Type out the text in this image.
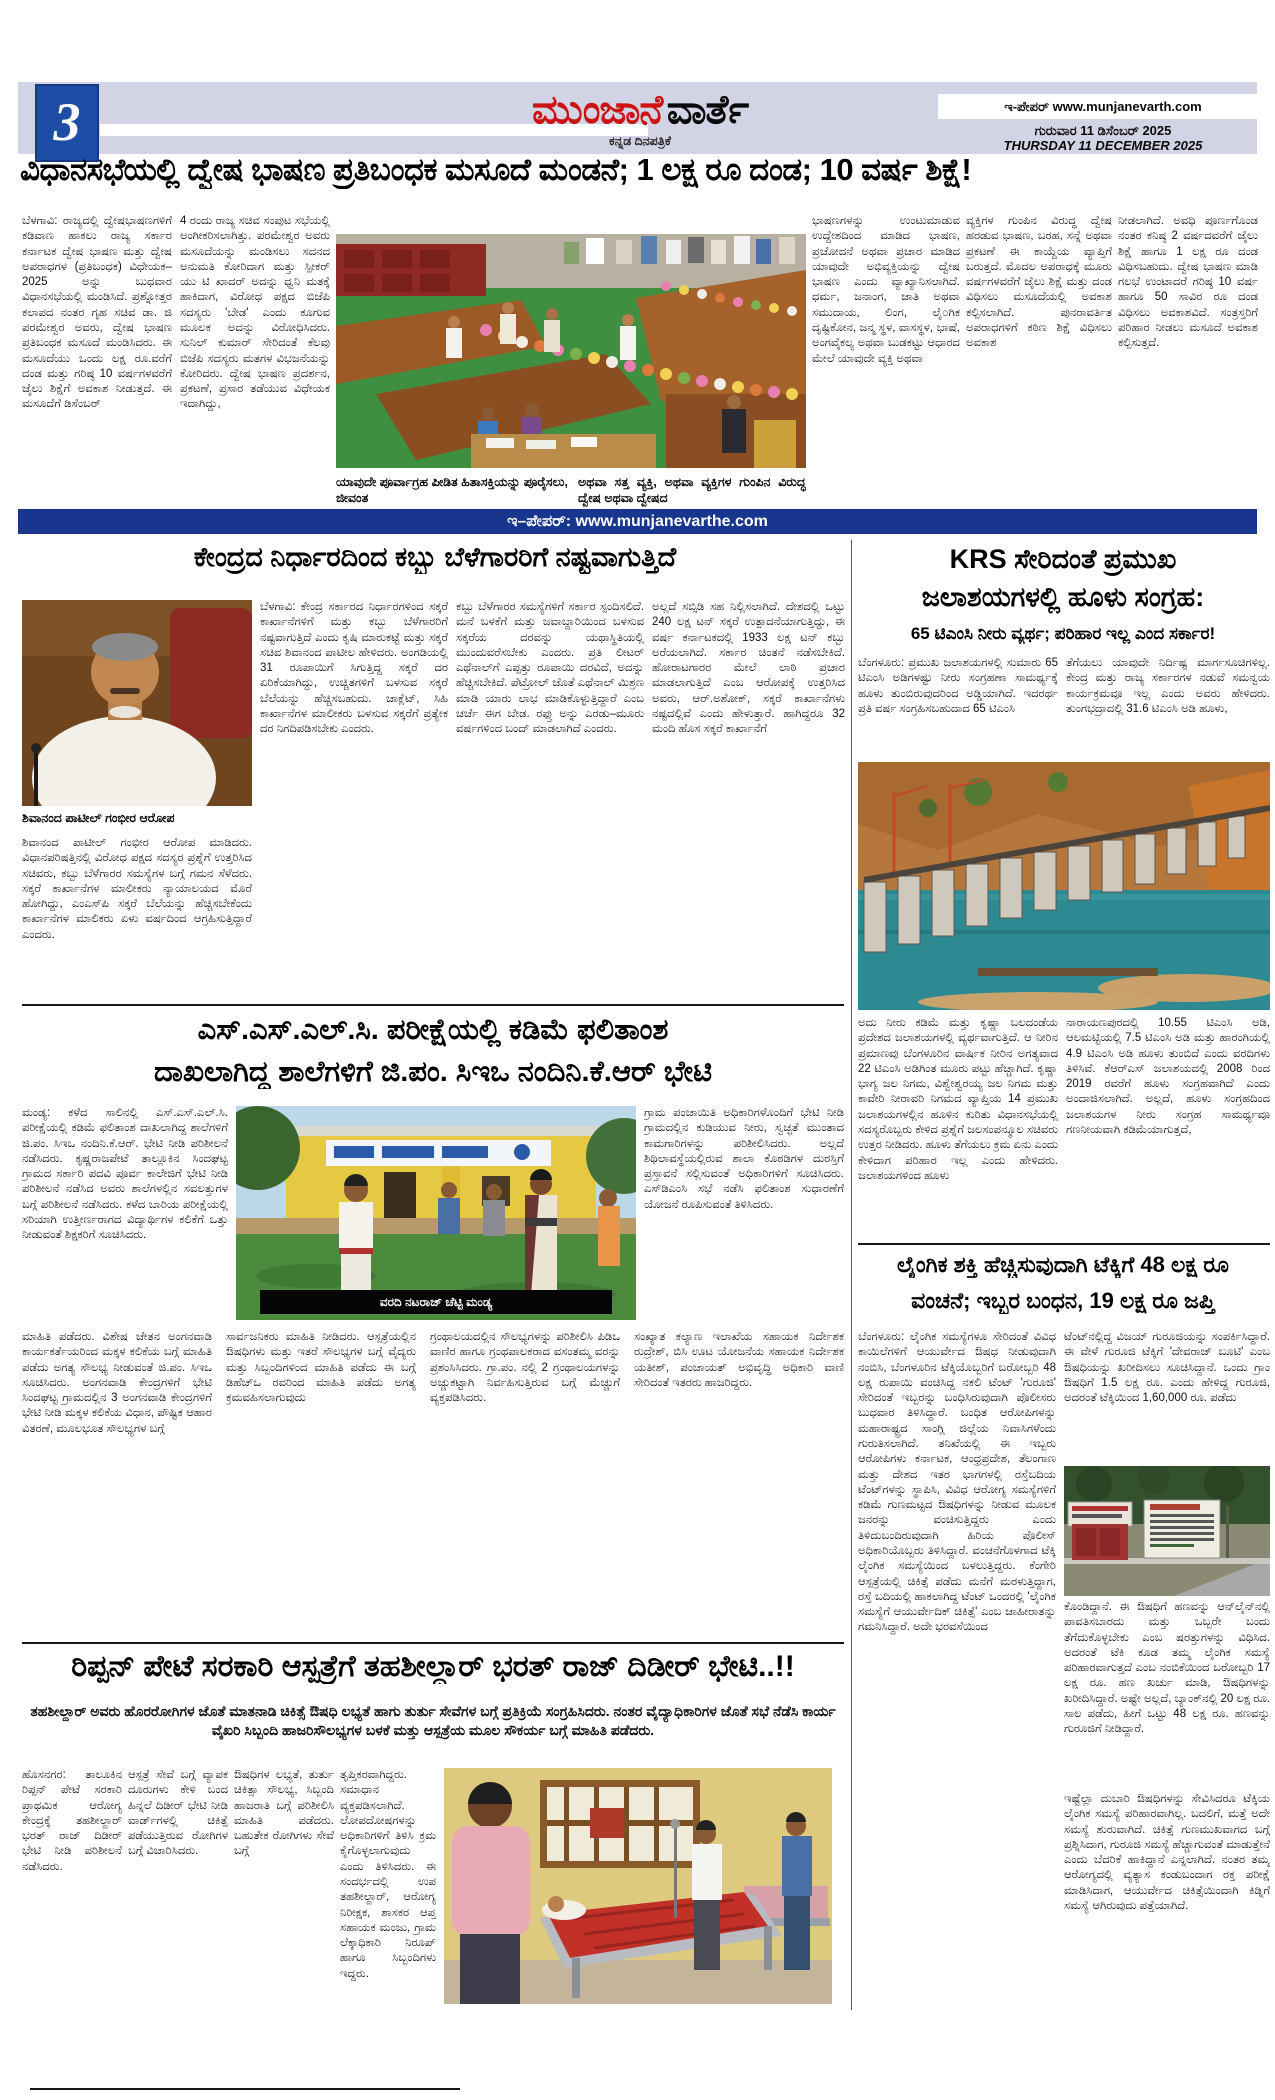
3	ಮುಂಜಾನೆ ವಾರ್ತೆ
ಕನ್ನಡ ದಿನಪತ್ರಿಕೆ
ಇ-ಪೇಪರ್ www.munjanevarth.com
ಗುರುವಾರ 11 ಡಿಸೆಂಬರ್ 2025
THURSDAY 11 DECEMBER 2025
ವಿಧಾನಸಭೆಯಲ್ಲಿ ದ್ವೇಷ ಭಾಷಣ ಪ್ರತಿಬಂಧಕ ಮಸೂದೆ ಮಂಡನೆ; 1 ಲಕ್ಷ ರೂ ದಂಡ; 10 ವರ್ಷ ಶಿಕ್ಷೆ!
ಬೆಳಗಾವಿ: ರಾಜ್ಯದಲ್ಲಿ ದ್ವೇಷಭಾಷಣಗಳಿಗೆ ಕಡಿವಾಣ ಹಾಕಲು ರಾಜ್ಯ ಸರ್ಕಾರ ಕರ್ನಾಟಕ ದ್ವೇಷ ಭಾಷಣ ಮತ್ತು ದ್ವೇಷ ಅಪರಾಧಗಳ (ಪ್ರತಿಬಂಧಕ) ವಿಧೇಯಕ–2025 ಅನ್ನು ಬುಧವಾರ ವಿಧಾನಸಭೆಯಲ್ಲಿ ಮಂಡಿಸಿದೆ. ಪ್ರಶ್ನೋತ್ತರ ಕಲಾಪದ ನಂತರ ಗೃಹ ಸಚಿವ ಡಾ. ಜಿ ಪರಮೇಶ್ವರ ಅವರು, ದ್ವೇಷ ಭಾಷಣ ಪ್ರತಿಬಂಧಕ ಮಸೂದೆ ಮಂಡಿಸಿದರು. ಈ ಮಸೂದೆಯು ಒಂದು ಲಕ್ಷ ರೂ.ವರೆಗೆ ದಂಡ ಮತ್ತು ಗರಿಷ್ಠ 10 ವರ್ಷಗಳವರೆಗೆ ಜೈಲು ಶಿಕ್ಷೆಗೆ ಅವಕಾಶ ನೀಡುತ್ತದೆ. ಈ ಮಸೂದೆಗೆ ಡಿಸೆಂಬರ್
4 ರಂದು ರಾಜ್ಯ ಸಚಿವ ಸಂಪುಟ ಸಭೆಯಲ್ಲಿ ಅಂಗೀಕರಿಸಲಾಗಿತ್ತು. ಪರಮೇಶ್ವರ ಅವರು ಮಸೂದೆಯನ್ನು ಮಂಡಿಸಲು ಸದನದ ಅನುಮತಿ ಕೋರಿದಾಗ ಮತ್ತು ಸ್ಪೀಕರ್ ಯು ಟಿ ಖಾದರ್ ಅದನ್ನು ಧ್ವನಿ ಮತಕ್ಕೆ ಹಾಕಿದಾಗ, ವಿರೋಧ ಪಕ್ಷದ ಬಿಜೆಪಿ ಸದಸ್ಯರು 'ಬೇಡ' ಎಂದು ಕೂಗುವ ಮೂಲಕ ಅದನ್ನು ವಿರೋಧಿಸಿದರು. ಸುನಿಲ್ ಕುಮಾರ್ ಸೇರಿದಂತೆ ಕೆಲವು ಬಿಜೆಪಿ ಸದಸ್ಯರು ಮತಗಳ ವಿಭಜನೆಯನ್ನು ಕೋರಿದರು. ದ್ವೇಷ ಭಾಷಣ ಪ್ರದರ್ಶನ, ಪ್ರಕಟಣೆ, ಪ್ರಸಾರ ತಡೆಯುವ ವಿಧೇಯಕ ಇದಾಗಿದ್ದು,
ಭಾಷಣಗಳನ್ನು ಉಂಟುಮಾಡುವ ಉದ್ದೇಶದಿಂದ ಮಾಡಿದ ಭಾಷಣ, ಪ್ರಚೋದನೆ ಅಥವಾ ಪ್ರಚಾರ ಮಾಡಿದ ಯಾವುದೇ ಅಭಿವ್ಯಕ್ತಿಯನ್ನು ದ್ವೇಷ ಭಾಷಣ ಎಂದು ವ್ಯಾಖ್ಯಾನಿಸಲಾಗಿದೆ. ಧರ್ಮ, ಜನಾಂಗ, ಜಾತಿ ಅಥವಾ ಸಮುದಾಯ, ಲಿಂಗ, ಲೈ೦ಗಿಕ ದೃಷ್ಟಿಕೋನ, ಜನ್ಮ ಸ್ಥಳ, ವಾಸಸ್ಥಳ, ಭಾಷೆ, ಅಂಗವೈಕಲ್ಯ ಅಥವಾ ಬುಡಕಟ್ಟು ಆಧಾರದ ಮೇಲೆ ಯಾವುದೇ ವ್ಯಕ್ತಿ ಅಥವಾ
ವ್ಯಕ್ತಿಗಳ ಗುಂಪಿನ ವಿರುದ್ಧ ದ್ವೇಷ ಹರಡುವ ಭಾಷಣ, ಬರಹ, ಸನ್ನೆ ಅಥವಾ ಪ್ರಕಟಣೆ ಈ ಕಾಯ್ದೆಯ ವ್ಯಾಪ್ತಿಗೆ ಬರುತ್ತದೆ. ಮೊದಲ ಅಪರಾಧಕ್ಕೆ ಮೂರು ವರ್ಷಗಳವರೆಗೆ ಜೈಲು ಶಿಕ್ಷೆ ಮತ್ತು ದಂಡ ವಿಧಿಸಲು ಮಸೂದೆಯಲ್ಲಿ ಅವಕಾಶ ಕಲ್ಪಿಸಲಾಗಿದೆ. ಪುನರಾವರ್ತಿತ ಅಪರಾಧಗಳಿಗೆ ಕಠಿಣ ಶಿಕ್ಷೆ ವಿಧಿಸಲು ಅವಕಾಶ
ನೀಡಲಾಗಿದೆ. ಅವಧಿ ಪೂರ್ಣಗೊಂಡ ನಂತರ ಕನಿಷ್ಠ 2 ವರ್ಷದವರೆಗೆ ಜೈಲು ಶಿಕ್ಷೆ ಹಾಗೂ 1 ಲಕ್ಷ ರೂ ದಂಡ ವಿಧಿಸಬಹುದು. ದ್ವೇಷ ಭಾಷಣ ಮಾಡಿ ಗಲಭೆ ಉಂಟಾದರೆ ಗರಿಷ್ಠ 10 ವರ್ಷ ಹಾಗೂ 50 ಸಾವಿರ ರೂ ದಂಡ ವಿಧಿಸಲು ಅವಕಾಶವಿದೆ. ಸಂತ್ರಸ್ತರಿಗೆ ಪರಿಹಾರ ನೀಡಲು ಮಸೂದೆ ಅವಕಾಶ ಕಲ್ಪಿಸುತ್ತದೆ.
ಯಾವುದೇ ಪೂರ್ವಾಗ್ರಹ ಪೀಡಿತ ಹಿತಾಸಕ್ತಿಯನ್ನು ಪೂರೈಸಲು, ಜೀವಂತ
ಅಥವಾ ಸತ್ತ ವ್ಯಕ್ತಿ, ಅಥವಾ ವ್ಯಕ್ತಿಗಳ ಗುಂಪಿನ ವಿರುದ್ಧ ದ್ವೇಷ ಅಥವಾ ದ್ವೇಷದ
ಇ–ಪೇಪರ್: www.munjanevarthe.com
ಕೇಂದ್ರದ ನಿರ್ಧಾರದಿಂದ ಕಬ್ಬು ಬೆಳೆಗಾರರಿಗೆ ನಷ್ಟವಾಗುತ್ತಿದೆ
ಶಿವಾನಂದ ಪಾಟೀಲ್ ಗಂಭೀರ ಆರೋಪ
ಶಿವಾನಂದ ಪಾಟೀಲ್ ಗಂಭೀರ ಆರೋಪ ಮಾಡಿದರು. ವಿಧಾನಪರಿಷತ್ತಿನಲ್ಲಿ ವಿರೋಧ ಪಕ್ಷದ ಸದಸ್ಯರ ಪ್ರಶ್ನೆಗೆ ಉತ್ತರಿಸಿದ ಸಚಿವರು, ಕಬ್ಬು ಬೆಳೆಗಾರರ ಸಮಸ್ಯೆಗಳ ಬಗ್ಗೆ ಗಮನ ಸೆಳೆದರು. ಸಕ್ಕರೆ ಕಾರ್ಖಾನೆಗಳ ಮಾಲೀಕರು ನ್ಯಾಯಾಲಯದ ಮೊರೆ ಹೋಗಿದ್ದು, ಎಂಎಸ್‌ಪಿ ಸಕ್ಕರೆ ಬೆಲೆಯನ್ನು ಹೆಚ್ಚಿಸಬೇಕೆಂದು ಕಾರ್ಖಾನೆಗಳ ಮಾಲಿಕರು ಏಳು ವರ್ಷದಿಂದ ಆಗ್ರಹಿಸುತ್ತಿದ್ದಾರೆ ಎಂದರು.
ಬೆಳಗಾವಿ: ಕೇಂದ್ರ ಸರ್ಕಾರದ ನಿರ್ಧಾರಗಳಿಂದ ಸಕ್ಕರೆ ಕಾರ್ಖಾನೆಗಳಿಗೆ ಮತ್ತು ಕಬ್ಬು ಬೆಳೆಗಾರರಿಗೆ ನಷ್ಟವಾಗುತ್ತಿದೆ ಎಂದು ಕೃಷಿ ಮಾರುಕಟ್ಟೆ ಮತ್ತು ಸಕ್ಕರೆ ಸಚಿವ ಶಿವಾನಂದ ಪಾಟೀಲ ಹೇಳಿದರು. ಅಂಗಡಿಯಲ್ಲಿ 31 ರೂಪಾಯಿಗೆ ಸಿಗುತ್ತಿದ್ದ ಸಕ್ಕರೆ ದರ ಏರಿಕೆಯಾಗಿದ್ದು, ಉಚ್ಚಿತಗಳಿಗೆ ಬಳಸುವ ಸಕ್ಕರೆ ಬೆಲೆಯನ್ನು ಹೆಚ್ಚಿಸಬಹುದು. ಚಾಕ್ಲೆಟ್, ಸಿಹಿ ಕಾರ್ಖಾನೆಗಳ ಮಾಲೀಕರು ಬಳಸುವ ಸಕ್ಕರೆಗೆ ಪ್ರತ್ಯೇಕ ದರ ನಿಗದಿಪಡಿಸಬೇಕು ಎಂದರು.
ಕಬ್ಬು ಬೆಳೆಗಾರರ ಸಮಸ್ಯೆಗಳಿಗೆ ಸರ್ಕಾರ ಸ್ಪಂದಿಸಲಿದೆ. ಮನೆ ಬಳಕೆಗೆ ಮತ್ತು ಜವಾಬ್ದಾರಿಯಿಂದ ಬಳಸುವ ಸಕ್ಕರೆಯ ದರವನ್ನು ಯಥಾಸ್ಥಿತಿಯಲ್ಲಿ ಮುಂದುವರೆಸಬೇಕು ಎಂದರು. ಪ್ರತಿ ಲೀಟರ್ ಎಥೆನಾಲ್‌ಗೆ ಎಪ್ಪತ್ತು ರೂಪಾಯಿ ದರವಿದೆ, ಅದನ್ನು ಹೆಚ್ಚಿಸಬೇಕಿದೆ. ಪೆಟ್ರೋಲ್ ಜೊತೆ ಎಥೆನಾಲ್ ಮಿಶ್ರಣ ಮಾಡಿ ಯಾರು ಲಾಭ ಮಾಡಿಕೊಳ್ಳುತ್ತಿದ್ದಾರೆ ಎಂಬ ಚರ್ಚೆ ಈಗ ಬೇಡ. ರಫ್ತು ಅನ್ನು ಎರಡು–ಮೂರು ವರ್ಷಗಳಿಂದ ಬಂದ್ ಮಾಡಲಾಗಿದೆ ಎಂದರು.
ಅಲ್ಲದೆ ಸಬ್ಸಿಡಿ ಸಹ ನಿಲ್ಲಿಸಲಾಗಿದೆ. ದೇಶದಲ್ಲಿ ಒಟ್ಟು 240 ಲಕ್ಷ ಟನ್ ಸಕ್ಕರೆ ಉತ್ಪಾದನೆಯಾಗುತ್ತಿದ್ದು, ಈ ವರ್ಷ ಕರ್ನಾಟಕದಲ್ಲಿ 1933 ಲಕ್ಷ ಟನ್ ಕಬ್ಬು ಅರೆಯಲಾಗಿದೆ. ಸರ್ಕಾರ ಚಿಂತನೆ ನಡೆಸಬೇಕಿದೆ. ಹೋರಾಟಗಾರರ ಮೇಲೆ ಲಾಠಿ ಪ್ರಚಾರ ಮಾಡಲಾಗುತ್ತಿದೆ ಎಂಬ ಆರೋಪಕ್ಕೆ ಉತ್ತರಿಸಿದ ಅವರು, ಆರ್.ಅಶೋಕ್, ಸಕ್ಕರೆ ಕಾರ್ಖಾನೆಗಳು ನಷ್ಟದಲ್ಲಿವೆ ಎಂದು ಹೇಳುತ್ತಾರೆ. ಹಾಗಿದ್ದರೂ 32 ಮಂದಿ ಹೊಸ ಸಕ್ಕರೆ ಕಾರ್ಖಾನೆಗೆ
KRS ಸೇರಿದಂತೆ ಪ್ರಮುಖ
ಜಲಾಶಯಗಳಲ್ಲಿ ಹೂಳು ಸಂಗ್ರಹ:
65 ಟಿಎಂಸಿ ನೀರು ವ್ಯರ್ಥ; ಪರಿಹಾರ ಇಲ್ಲ ಎಂದ ಸರ್ಕಾರ!
ಬೆಂಗಳೂರು: ಪ್ರಮುಖ ಜಲಾಶಯಗಳಲ್ಲಿ ಸುಮಾರು 65 ಟಿಎಂಸಿ ಅಡಿಗಳಷ್ಟು ನೀರು ಸಂಗ್ರಹಣಾ ಸಾಮರ್ಥ್ಯಕ್ಕೆ ಹೂಳು ತುಂಬಿರುವುದರಿಂದ ಅಡ್ಡಿಯಾಗಿದೆ. ಇದರರ್ಥ ಪ್ರತಿ ವರ್ಷ ಸಂಗ್ರಹಿಸಬಹುದಾದ 65 ಟಿಎಂಸಿ
ತೆಗೆಯಲು ಯಾವುದೇ ನಿರ್ದಿಷ್ಟ ಮಾರ್ಗಸೂಚಿಗಳಿಲ್ಲ. ಕೇಂದ್ರ ಮತ್ತು ರಾಜ್ಯ ಸರ್ಕಾರಗಳ ನಡುವೆ ಸಮನ್ವಯ ಕಾರ್ಯಕ್ರಮವೂ ಇಲ್ಲ ಎಂದು ಅವರು ಹೇಳಿದರು. ತುಂಗಭದ್ರಾದಲ್ಲಿ 31.6 ಟಿಎಂಸಿ ಅಡಿ ಹೂಳು,
ಅದು ನೀರು ಕಡಿಮೆ ಮತ್ತು ಕೃಷ್ಣಾ ಬಲದಂಡೆಯ ಪ್ರದೇಶದ ಜಲಾಶಯಗಳಲ್ಲಿ ವ್ಯರ್ಥವಾಗುತ್ತಿದೆ. ಆ ನೀರಿನ ಪ್ರಮಾಣವು ಬೆಂಗಳೂರಿನ ವಾರ್ಷಿಕ ನೀರಿನ ಅಗತ್ಯವಾದ 22 ಟಿಎಂಸಿ ಅಡಿಗಿಂತ ಮೂರು ಪಟ್ಟು ಹೆಚ್ಚಾಗಿದೆ. ಕೃಷ್ಣಾ ಭಾಗ್ಯ ಜಲ ನಿಗಮ, ವಿಶ್ವೇಶ್ವರಯ್ಯ ಜಲ ನಿಗಮ ಮತ್ತು ಕಾವೇರಿ ನೀರಾವರಿ ನಿಗಮದ ವ್ಯಾಪ್ತಿಯ 14 ಪ್ರಮುಖ ಜಲಾಶಯಗಳಲ್ಲಿನ ಹೂಳಿನ ಕುರಿತು ವಿಧಾನಸಭೆಯಲ್ಲಿ ಸದಸ್ಯರೊಬ್ಬರು ಕೇಳಿದ ಪ್ರಶ್ನೆಗೆ ಜಲಸಂಪನ್ಮೂಲ ಸಚಿವರು ಉತ್ತರ ನೀಡಿದರು. ಹೂಳು ತೆಗೆಯಲು ಕ್ರಮ ಏನು ಎಂದು ಕೇಳಿದಾಗ ಪರಿಹಾರ ಇಲ್ಲ ಎಂದು ಹೇಳಿದರು. ಜಲಾಶಯಗಳಿಂದ ಹೂಳು
ನಾರಾಯಣಪುರದಲ್ಲಿ 10.55 ಟಿಎಂಸಿ ಅಡಿ, ಆಲಮಟ್ಟಿಯಲ್ಲಿ 7.5 ಟಿಎಂಸಿ ಅಡಿ ಮತ್ತು ಹಾರಂಗಿಯಲ್ಲಿ 4.9 ಟಿಎಂಸಿ ಅಡಿ ಹೂಳು ತುಂಬಿದೆ ಎಂದು ವರದಿಗಳು ತಿಳಿಸಿವೆ. ಕೆಆರ್‌ಎಸ್ ಜಲಾಶಯದಲ್ಲಿ 2008 ರಿಂದ 2019 ರವರೆಗೆ ಹೂಳು ಸಂಗ್ರಹವಾಗಿದೆ ಎಂದು ಅಂದಾಜಿಸಲಾಗಿದೆ. ಅಲ್ಲದೆ, ಹೂಳು ಸಂಗ್ರಹದಿಂದ ಜಲಾಶಯಗಳ ನೀರು ಸಂಗ್ರಹ ಸಾಮರ್ಥ್ಯವೂ ಗಣನೀಯವಾಗಿ ಕಡಿಮೆಯಾಗುತ್ತದೆ,
ಲೈಂಗಿಕ ಶಕ್ತಿ ಹೆಚ್ಚಿಸುವುದಾಗಿ ಟೆಕ್ಕಿಗೆ 48 ಲಕ್ಷ ರೂ
ವಂಚನೆ; ಇಬ್ಬರ ಬಂಧನ, 19 ಲಕ್ಷ ರೂ ಜಪ್ತಿ
ಬೆಂಗಳೂರು: ಲೈಂಗಿಕ ಸಮಸ್ಯೆಗಳೂ ಸೇರಿದಂತೆ ವಿವಿಧ ಕಾಯಿಲೆಗಳಿಗೆ ಆಯುರ್ವೇದ ಔಷಧ ನೀಡುವುದಾಗಿ ನಂಬಿಸಿ, ಬೆಂಗಳೂರಿನ ಟೆಕ್ಕಿಯೊಬ್ಬರಿಗೆ ಬರೋಬ್ಬರಿ 48 ಲಕ್ಷ ರುಪಾಯಿ ವಂಚಿಸಿದ್ದ ನಕಲಿ ಟೆಂಟ್ 'ಗುರೂಜಿ' ಸೇರಿದಂತೆ ಇಬ್ಬರನ್ನು ಬಂಧಿಸಿರುವುದಾಗಿ ಪೊಲೀಸರು ಬುಧವಾರ ತಿಳಿಸಿದ್ದಾರೆ. ಬಂಧಿತ ಆರೋಪಿಗಳನ್ನು ಮಹಾರಾಷ್ಟ್ರದ ಸಾಂಗ್ಲಿ ಜಿಲ್ಲೆಯ ನಿವಾಸಿಗಳೆಂದು ಗುರುತಿಸಲಾಗಿದೆ. ತನಿಖೆಯಲ್ಲಿ ಈ ಇಬ್ಬರು ಆರೋಪಿಗಳು ಕರ್ನಾಟಕ, ಆಂಧ್ರಪ್ರದೇಶ, ತೆಲಂಗಾಣ ಮತ್ತು ದೇಶದ ಇತರ ಭಾಗಗಳಲ್ಲಿ ರಸ್ತೆಬದಿಯ ಟೆಂಟ್‌ಗಳನ್ನು ಸ್ಥಾಪಿಸಿ, ವಿವಿಧ ಆರೋಗ್ಯ ಸಮಸ್ಯೆಗಳಿಗೆ ಕಡಿಮೆ ಗುಣಮಟ್ಟದ ಔಷಧಿಗಳನ್ನು ನೀಡುವ ಮೂಲಕ ಜನರನ್ನು ವಂಚಿಸುತ್ತಿದ್ದರು ಎಂದು ತಿಳಿದುಬಂದಿರುವುದಾಗಿ ಹಿರಿಯ ಪೊಲೀಸ್ ಅಧಿಕಾರಿಯೊಬ್ಬರು ತಿಳಿಸಿದ್ದಾರೆ. ವಂಚನೆಗೊಳಗಾದ ಟೆಕ್ಕಿ ಲೈಂಗಿಕ ಸಮಸ್ಯೆಯಿಂದ ಬಳಲುತ್ತಿದ್ದರು. ಕೆಂಗೇರಿ ಆಸ್ಪತ್ರೆಯಲ್ಲಿ ಚಿಕಿತ್ಸೆ ಪಡೆದು ಮನೆಗೆ ಮರಳುತ್ತಿದ್ದಾಗ, ರಸ್ತೆ ಬದಿಯಲ್ಲಿ ಹಾಕಲಾಗಿದ್ದ ಟೆಂಟ್ ಒಂದರಲ್ಲಿ 'ಲೈಂಗಿಕ ಸಮಸ್ಯೆಗೆ ಆಯುರ್ವೇದಿಕ್ ಚಿಕಿತ್ಸೆ' ಎಂಬ ಜಾಹೀರಾತನ್ನು ಗಮನಿಸಿದ್ದಾರೆ. ಅದೇ ಭರವಸೆಯಿಂದ
ಟೆಂಟ್‌ನಲ್ಲಿದ್ದ ವಿಜಯ್ ಗುರೂಜಿಯನ್ನು ಸಂಪರ್ಕಿಸಿದ್ದಾರೆ. ಈ ವೇಳೆ ಗುರೂಜಿ ಟೆಕ್ಕಿಗೆ 'ದೇವರಾಜ್ ಬೂಟಿ' ಎಂಬ ಔಷಧಿಯನ್ನು ಖರೀದಿಸಲು ಸೂಚಿಸಿದ್ದಾನೆ. ಒಂದು ಗ್ರಾಂ ಔಷಧಿಗೆ 1.5 ಲಕ್ಷ ರೂ. ಎಂದು ಹೇಳಿದ್ದ ಗುರೂಜಿ, ಅದರಂತೆ ಟೆಕ್ಕಿಯಿಂದ 1,60,000 ರೂ. ಪಡೆದು
ಕೊಂಡಿದ್ದಾನೆ. ಈ ಔಷಧಿಗೆ ಹಣವನ್ನು ಆನ್‌ಲೈನ್‌ನಲ್ಲಿ ಪಾವತಿಸಬಾರದು ಮತ್ತು ಒಬ್ಬರೇ ಬಂದು ತೆಗೆದುಕೊಳ್ಳಬೇಕು ಎಂಬ ಷರತ್ತುಗಳನ್ನು ವಿಧಿಸಿದ. ಅದರಂತೆ ಟೆಕಿ ಕೂಡ ತಮ್ಮ ಲೈಂಗಿಕ ಸಮಸ್ಯೆ ಪರಿಹಾರವಾಗುತ್ತದೆ ಎಂಬ ನಂಬಿಕೆಯಿಂದ ಬರೋಬ್ಬರಿ 17 ಲಕ್ಷ ರೂ. ಹಣ ಖರ್ಚು ಮಾಡಿ, ಔಷಧಿಗಳನ್ನು ಖರೀದಿಸಿದ್ದಾರೆ. ಅಷ್ಟೇ ಅಲ್ಲದೆ, ಬ್ಯಾಂಕ್‌ನಲ್ಲಿ 20 ಲಕ್ಷ ರೂ. ಸಾಲ ಪಡೆದು, ಹೀಗೆ ಒಟ್ಟು 48 ಲಕ್ಷ ರೂ. ಹಣವನ್ನು ಗುರೂಜಿಗೆ ನೀಡಿದ್ದಾರೆ.
ಇಷ್ಟೆಲ್ಲಾ ದುಬಾರಿ ಔಷಧಿಗಳನ್ನು ಸೇವಿಸಿದರೂ ಟೆಕ್ಕಿಯ ಲೈಂಗಿಕ ಸಮಸ್ಯೆ ಪರಿಹಾರವಾಗಿಲ್ಲ. ಬದಲಿಗೆ, ಮತ್ತೆ ಅದೇ ಸಮಸ್ಯೆ ಶುರುವಾಗಿದೆ. ಚಿಕಿತ್ಸೆ ಗುಣಮುಖವಾಗದ ಬಗ್ಗೆ ಪ್ರಶ್ನಿಸಿದಾಗ, ಗುರೂಜಿ ಸಮಸ್ಯೆ ಹೆಚ್ಚಾಗುವಂತೆ ಮಾಡುತ್ತೇನೆ ಎಂದು ಬೆದರಿಕೆ ಹಾಕಿದ್ದಾನೆ ಎನ್ನಲಾಗಿದೆ. ನಂತರ ತಮ್ಮ ಆರೋಗ್ಯದಲ್ಲಿ ವ್ಯತ್ಯಾಸ ಕಂಡುಬಂದಾಗ ರಕ್ತ ಪರೀಕ್ಷೆ ಮಾಡಿಸಿದಾಗ, ಆಯುರ್ವೇದ ಚಿಕಿತ್ಸೆಯಿಂದಾಗಿ ಕಿಡ್ನಿಗೆ ಸಮಸ್ಯೆ ಆಗಿರುವುದು ಪತ್ತೆಯಾಗಿದೆ.
ಎಸ್.ಎಸ್.ಎಲ್.ಸಿ. ಪರೀಕ್ಷೆಯಲ್ಲಿ ಕಡಿಮೆ ಫಲಿತಾಂಶ
ದಾಖಲಾಗಿದ್ದ ಶಾಲೆಗಳಿಗೆ ಜಿ.ಪಂ. ಸಿಇಒ ನಂದಿನಿ.ಕೆ.ಆರ್ ಭೇಟಿ
ಮಂಡ್ಯ: ಕಳೆದ ಸಾಲಿನಲ್ಲಿ ಎಸ್.ಎಸ್.ಎಲ್.ಸಿ. ಪರೀಕ್ಷೆಯಲ್ಲಿ ಕಡಿಮೆ ಫಲಿತಾಂಶ ದಾಖಲಾಗಿದ್ದ ಶಾಲೆಗಳಿಗೆ ಜಿ.ಪಂ. ಸಿಇಒ ನಂದಿನಿ.ಕೆ.ಆರ್. ಭೇಟಿ ನೀಡಿ ಪರಿಶೀಲನೆ ನಡೆಸಿದರು. ಕೃಷ್ಣರಾಜಪೇಟೆ ತಾಲ್ಲೂಕಿನ ಸಿಂದಘಟ್ಟ ಗ್ರಾಮದ ಸರ್ಕಾರಿ ಪದವಿ ಪೂರ್ವ ಕಾಲೇಜಿಗೆ ಭೇಟಿ ನೀಡಿ ಪರಿಶೀಲನೆ ನಡೆಸಿದ ಅವರು ಶಾಲೆಗಳಲ್ಲಿನ ಸವಲತ್ತುಗಳ ಬಗ್ಗೆ ಪರಿಶೀಲನೆ ನಡೆಸಿದರು. ಕಳೆದ ಬಾರಿಯ ಪರೀಕ್ಷೆಯಲ್ಲಿ ಸರಿಯಾಗಿ ಉತ್ತೀರ್ಣರಾಗದ ವಿದ್ಯಾರ್ಥಿಗಳ ಕಲಿಕೆಗೆ ಒತ್ತು ನೀಡುವಂತೆ ಶಿಕ್ಷಕರಿಗೆ ಸೂಚಿಸಿದರು.
ವರದಿ ನಟರಾಜ್ ಚೆಟ್ಟಿ ಮಂಡ್ಯ
ಗ್ರಾಮ ಪಂಚಾಯಿತಿ ಅಧಿಕಾರಿಗಳೊಂದಿಗೆ ಭೇಟಿ ನೀಡಿ ಗ್ರಾಮದಲ್ಲಿನ ಕುಡಿಯುವ ನೀರು, ಸ್ವಚ್ಛತೆ ಮುಂತಾದ ಕಾಮಗಾರಿಗಳನ್ನು ಪರಿಶೀಲಿಸಿದರು. ಅಲ್ಲದೆ ಶಿಥಿಲಾವಸ್ಥೆಯಲ್ಲಿರುವ ಶಾಲಾ ಕೊಠಡಿಗಳ ದುರಸ್ತಿಗೆ ಪ್ರಸ್ತಾವನೆ ಸಲ್ಲಿಸುವಂತೆ ಅಧಿಕಾರಿಗಳಿಗೆ ಸೂಚಿಸಿದರು. ಎಸ್‌ಡಿಎಂಸಿ ಸಭೆ ನಡೆಸಿ ಫಲಿತಾಂಶ ಸುಧಾರಣೆಗೆ ಯೋಜನೆ ರೂಪಿಸುವಂತೆ ತಿಳಿಸಿದರು.
ಮಾಹಿತಿ ಪಡೆದರು. ವಿಶೇಷ ಚೇತನ ಅಂಗನವಾಡಿ ಕಾರ್ಯಕರ್ತೆಯರಿಂದ ಮಕ್ಕಳ ಕಲಿಕೆಯ ಬಗ್ಗೆ ಮಾಹಿತಿ ಪಡೆದು ಅಗತ್ಯ ಸೌಲಭ್ಯ ನೀಡುವಂತೆ ಜಿ.ಪಂ. ಸಿಇಒ ಸೂಚಿಸಿದರು. ಅಂಗನವಾಡಿ ಕೇಂದ್ರಗಳಿಗೆ ಭೇಟಿ ಸಿಂದಘಟ್ಟ ಗ್ರಾಮದಲ್ಲಿನ 3 ಅಂಗನವಾಡಿ ಕೇಂದ್ರಗಳಿಗೆ ಭೇಟಿ ನೀಡಿ ಮಕ್ಕಳ ಕಲಿಕೆಯ ವಿಧಾನ, ಪೌಷ್ಟಿಕ ಆಹಾರ ವಿತರಣೆ, ಮೂಲಭೂತ ಸೌಲಭ್ಯಗಳ ಬಗ್ಗೆ
ಸಾರ್ವಜನಿಕರು ಮಾಹಿತಿ ನೀಡಿದರು. ಆಸ್ಪತ್ರೆಯಲ್ಲಿನ ಔಷಧಿಗಳು ಮತ್ತು ಇತರೆ ಸೌಲಭ್ಯಗಳ ಬಗ್ಗೆ ವೈದ್ಯರು ಮತ್ತು ಸಿಬ್ಬಂದಿಗಳಿಂದ ಮಾಹಿತಿ ಪಡೆದು ಈ ಬಗ್ಗೆ ಡಿಹೆಚ್‌ಒ ರವರಿಂದ ಮಾಹಿತಿ ಪಡೆದು ಅಗತ್ಯ ಕ್ರಮವಹಿಸಲಾಗುವುದು
ಗ್ರಂಥಾಲಯದಲ್ಲಿನ ಸೌಲಭ್ಯಗಳನ್ನು ಪರಿಶೀಲಿಸಿ ಪಿಡಿಒ ವಾಣಿರ ಹಾಗೂ ಗ್ರಂಥಪಾಲಕರಾದ ವಸಂತಮ್ಮ ವರನ್ನು ಪ್ರಶಂಸಿಸಿದರು. ಗ್ರಾ.ಪಂ. ನಲ್ಲಿ 2 ಗ್ರಂಥಾಲಯಗಳನ್ನು ಅಚ್ಚುಕಟ್ಟಾಗಿ ನಿರ್ವಹಿಸುತ್ತಿರುವ ಬಗ್ಗೆ ಮೆಚ್ಚುಗೆ ವ್ಯಕ್ತಪಡಿಸಿದರು.
ಸಂಖ್ಯಾತ ಕಲ್ಯಾಣ ಇಲಾಖೆಯ ಸಹಾಯಕ ನಿರ್ದೇಶಕ ರುದ್ರೇಶ್, ಬಿಸಿ ಊಟ ಯೋಜನೆಯ ಸಹಾಯಕ ನಿರ್ದೇಶಕ ಯತೀಶ್, ಪಂಚಾಯತ್ ಅಭಿವೃದ್ಧಿ ಅಧಿಕಾರಿ ವಾಣಿ ಸೇರಿದಂತೆ ಇತರರು ಹಾಜರಿದ್ದರು.
ರಿಪ್ಪನ್ ಪೇಟೆ ಸರಕಾರಿ ಆಸ್ಪತ್ರೆಗೆ ತಹಶೀಲ್ದಾರ್ ಭರತ್ ರಾಜ್ ದಿಡೀರ್ ಭೇಟಿ..!!
ತಹಶೀಲ್ದಾರ್ ಅವರು ಹೊರರೋಗಿಗಳ ಜೊತೆ ಮಾತನಾಡಿ ಚಿಕಿತ್ಸೆ ಔಷಧಿ ಲಭ್ಯತೆ ಹಾಗು ತುರ್ತು ಸೇವೆಗಳ ಬಗ್ಗೆ ಪ್ರತಿಕ್ರಿಯೆ ಸಂಗ್ರಹಿಸಿದರು. ನಂತರ ವೈದ್ಯಾಧಿಕಾರಿಗಳ ಜೊತೆ ಸಭೆ ನೆಡೆಸಿ ಕಾರ್ಯ ವೈಖರಿ ಸಿಬ್ಬಂದಿ ಹಾಜರಿಸೌಲಭ್ಯಗಳ ಬಳಕೆ ಮತ್ತು ಆಸ್ಪತ್ರೆಯ ಮೂಲ ಸೌಕರ್ಯ ಬಗ್ಗೆ ಮಾಹಿತಿ ಪಡೆದರು.
ಹೊಸನಗರ: ತಾಲೂಕಿನ ರಿಪ್ಪನ್ ಪೇಟೆ ಸರಕಾರಿ ಪ್ರಾಥಮಿಕ ಆರೋಗ್ಯ ಕೇಂದ್ರಕ್ಕೆ ತಹಶೀಲ್ದಾರ್ ಭರತ್ ರಾಜ್ ದಿಡೀರ್ ಭೇಟಿ ನೀಡಿ ಪರಿಶೀಲನೆ ನಡೆಸಿದರು.
ಆಸ್ಪತ್ರೆ ಸೇವೆ ಬಗ್ಗೆ ವ್ಯಾಪಕ ದೂರುಗಳು ಕೇಳಿ ಬಂದ ಹಿನ್ನಲೆ ದಿಡೀರ್ ಭೇಟಿ ನೀಡಿ ವಾರ್ಡ್‌ಗಳಲ್ಲಿ ಚಿಕಿತ್ಸೆ ಪಡೆಯುತ್ತಿರುವ ರೋಗಿಗಳ ಬಗ್ಗೆ ವಿಚಾರಿಸಿದರು.
ಔಷಧಿಗಳ ಲಭ್ಯತೆ, ತುರ್ತು ಚಿಕಿತ್ಸಾ ಸೌಲಭ್ಯ, ಸಿಬ್ಬಂದಿ ಹಾಜರಾತಿ ಬಗ್ಗೆ ಪರಿಶೀಲಿಸಿ ಮಾಹಿತಿ ಪಡೆದರು. ಬಹುತೇಕ ರೋಗಿಗಳು ಸೇವೆ ಬಗ್ಗೆ
ತೃಪ್ತಿಕರವಾಗಿದ್ದರು. ಸಮಾಧಾನ ವ್ಯಕ್ತಪಡಿಸಲಾಗಿದೆ. ಲೋಪದೋಷಗಳನ್ನು ಅಧಿಕಾರಿಗಳಿಗೆ ತಿಳಿಸಿ ಕ್ರಮ ಕೈಗೊಳ್ಳಲಾಗುವುದು ಎಂದು ತಿಳಿಸಿದರು. ಈ ಸಂದರ್ಭದಲ್ಲಿ ಉಪ ತಹಶೀಲ್ದಾರ್, ಆರೋಗ್ಯ ನಿರೀಕ್ಷಕ, ಶಾಸಕರ ಆಪ್ತ ಸಹಾಯಕ ಮಂಜು, ಗ್ರಾಮ ಲೆಕ್ಕಾಧಿಕಾರಿ ನಿರೂಪ್ ಹಾಗೂ ಸಿಬ್ಬಂದಿಗಳು ಇದ್ದರು.
